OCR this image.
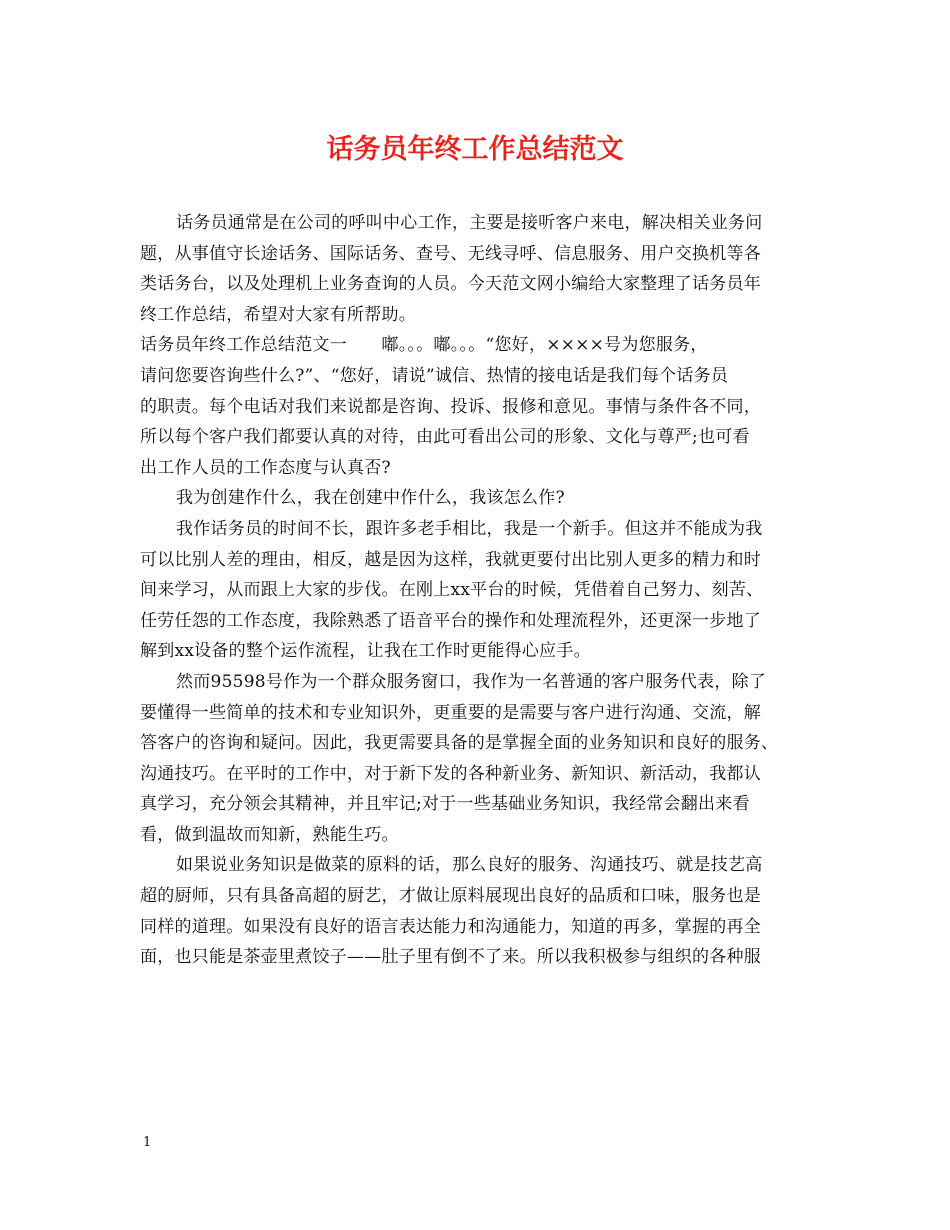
话务员年终工作总结范文
话务员通常是在公司的呼叫中心工作，主要是接听客户来电，解决相关业务问
题，从事值守长途话务、国际话务、查号、无线寻呼、信息服务、用户交换机等各
类话务台，以及处理机上业务查询的人员。今天范文网小编给大家整理了话务员年
终工作总结，希望对大家有所帮助。
话务员年终工作总结范文一　　嘟。。。嘟。。。“您好，××××号为您服务，
请问您要咨询些什么?”、“您好，请说”诚信、热情的接电话是我们每个话务员
的职责。每个电话对我们来说都是咨询、投诉、报修和意见。事情与条件各不同，
所以每个客户我们都要认真的对待，由此可看出公司的形象、文化与尊严;也可看
出工作人员的工作态度与认真否?
我为创建作什么，我在创建中作什么，我该怎么作?
我作话务员的时间不长，跟许多老手相比，我是一个新手。但这并不能成为我
可以比别人差的理由，相反，越是因为这样，我就更要付出比别人更多的精力和时
间来学习，从而跟上大家的步伐。在刚上xx平台的时候，凭借着自己努力、刻苦、
任劳任怨的工作态度，我除熟悉了语音平台的操作和处理流程外，还更深一步地了
解到xx设备的整个运作流程，让我在工作时更能得心应手。
然而95598号作为一个群众服务窗口，我作为一名普通的客户服务代表，除了
要懂得一些简单的技术和专业知识外，更重要的是需要与客户进行沟通、交流，解
答客户的咨询和疑问。因此，我更需要具备的是掌握全面的业务知识和良好的服务、
沟通技巧。在平时的工作中，对于新下发的各种新业务、新知识、新活动，我都认
真学习，充分领会其精神，并且牢记;对于一些基础业务知识，我经常会翻出来看
看，做到温故而知新，熟能生巧。
如果说业务知识是做菜的原料的话，那么良好的服务、沟通技巧、就是技艺高
超的厨师，只有具备高超的厨艺，才做让原料展现出良好的品质和口味，服务也是
同样的道理。如果没有良好的语言表达能力和沟通能力，知道的再多，掌握的再全
面，也只能是茶壶里煮饺子——肚子里有倒不了来。所以我积极参与组织的各种服
1
